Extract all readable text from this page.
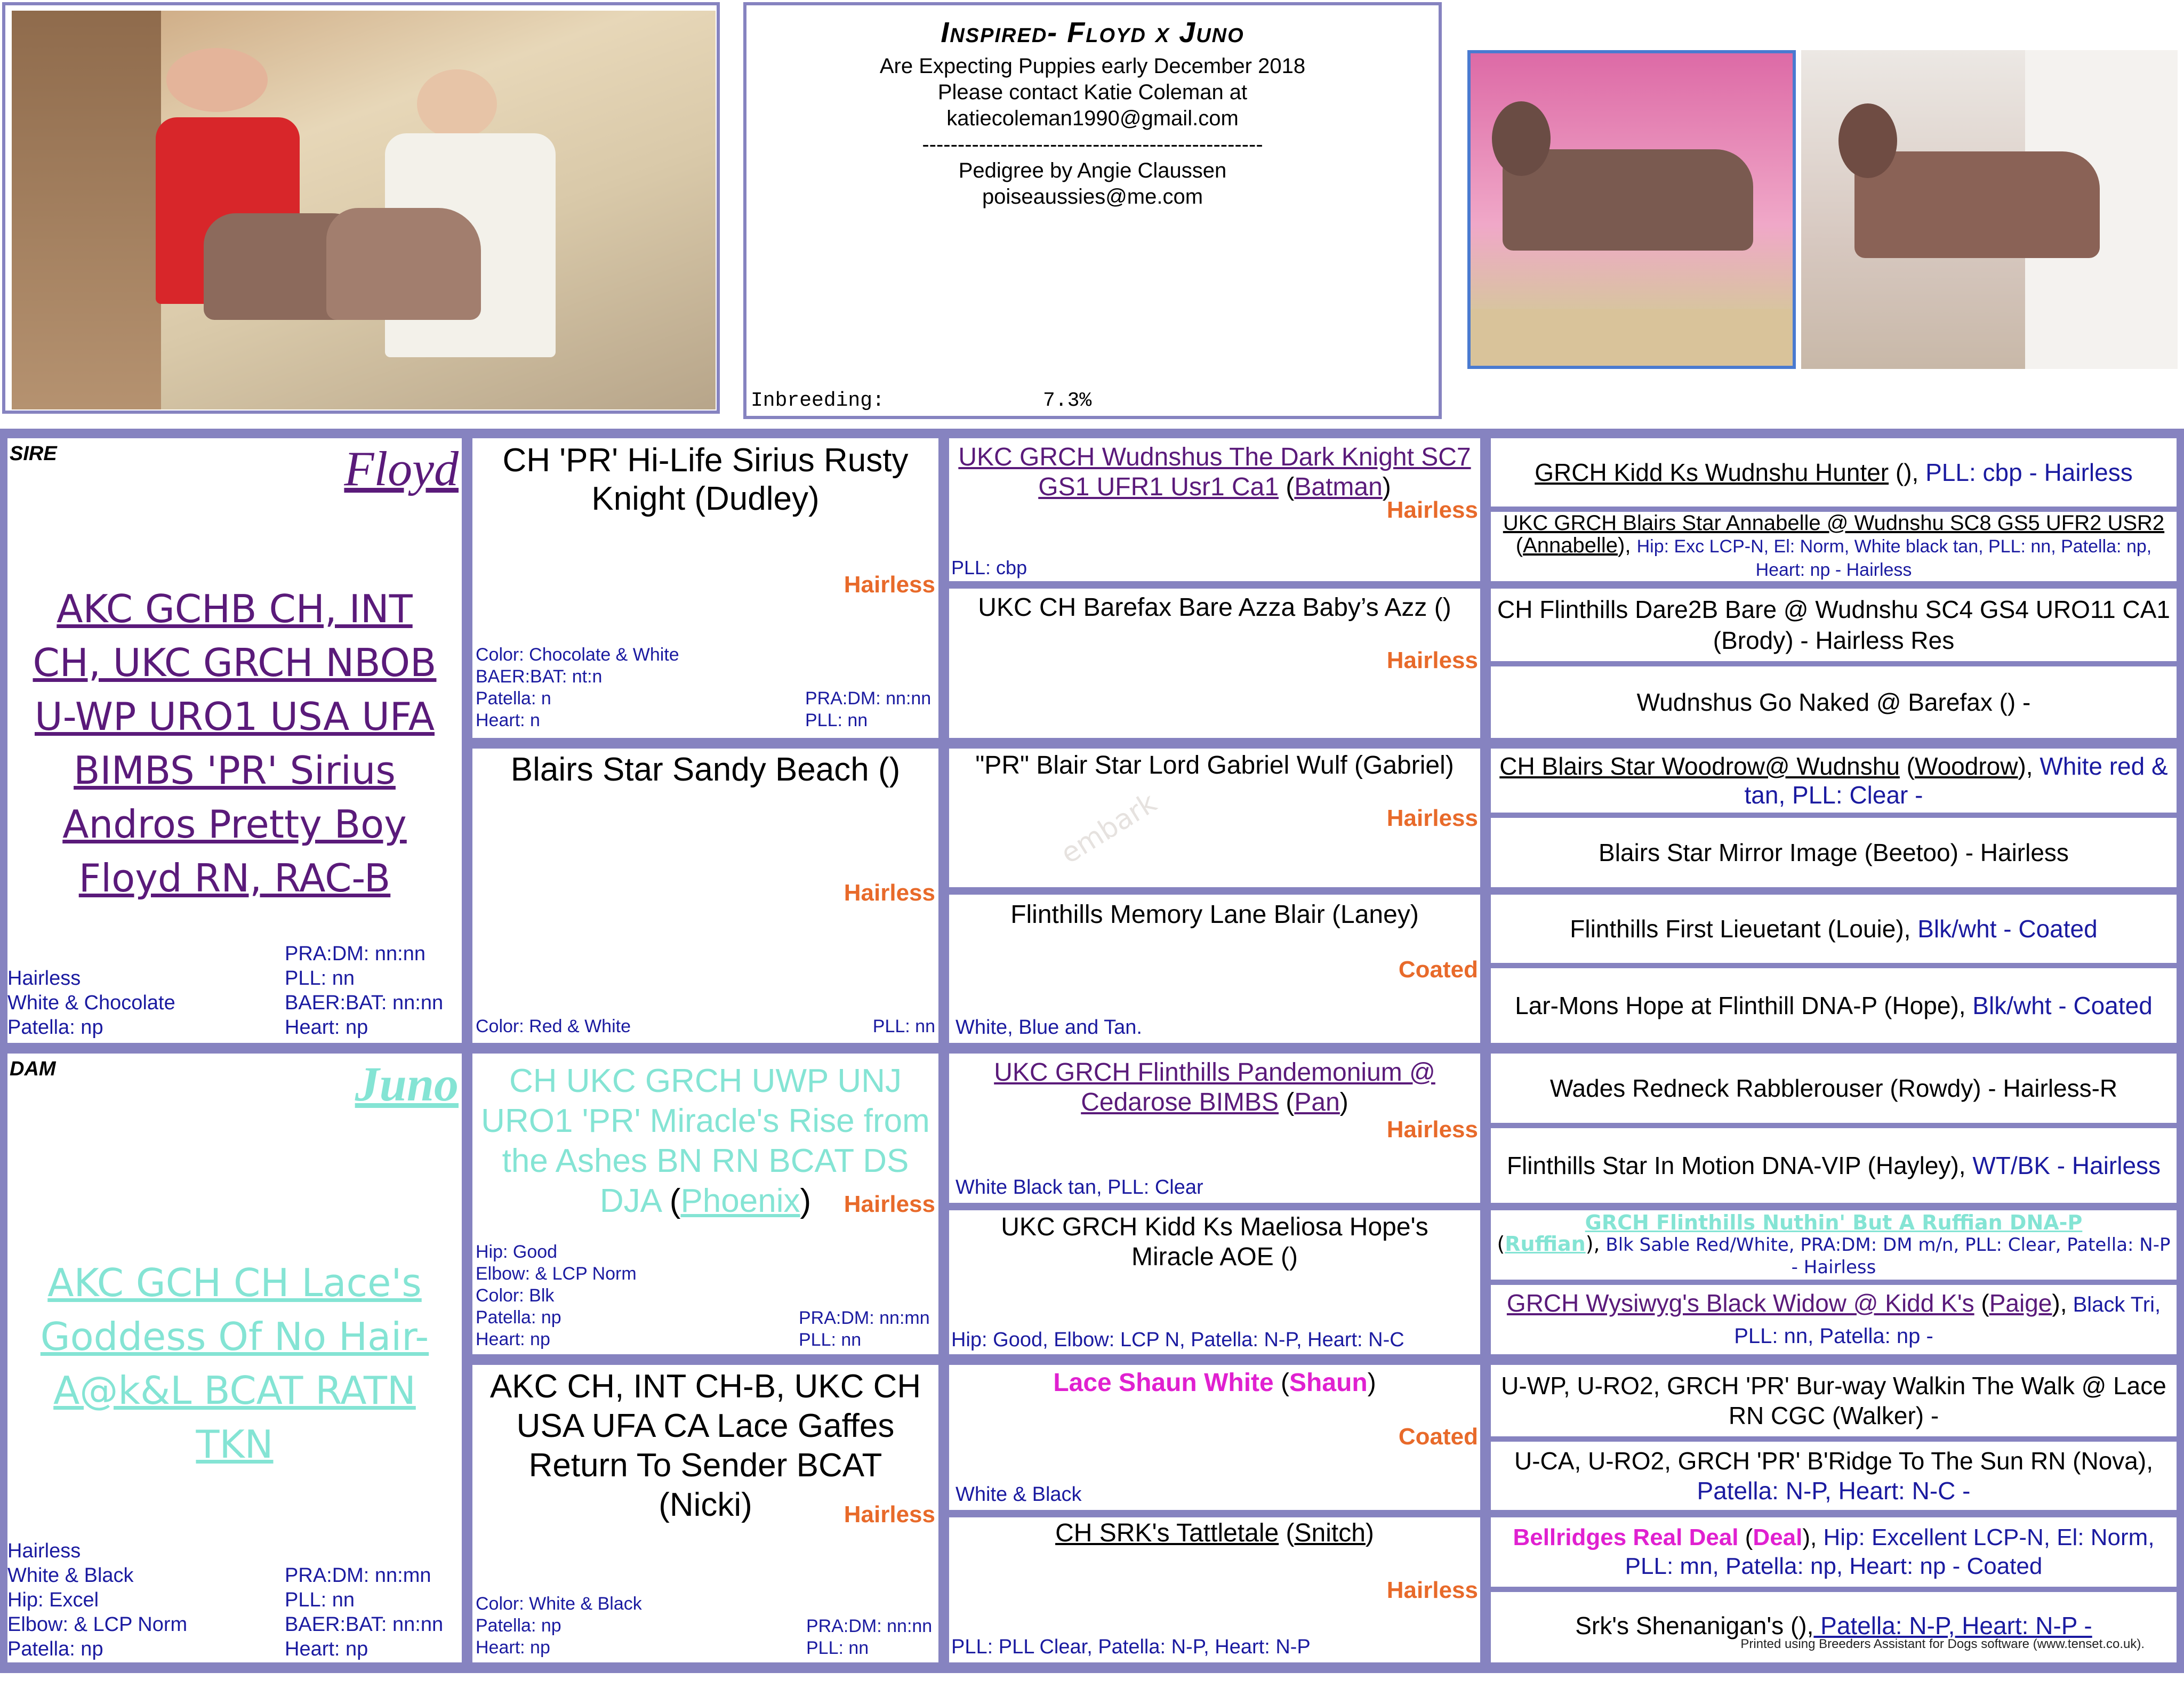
Inspired- Floyd x Juno
Are Expecting Puppies early December 2018
Please contact Katie Coleman at
katiecoleman1990@gmail.com
------------------------------------------------
Pedigree by Angie Claussen
poiseaussies@me.com
Inbreeding:	7.3%
SIRE	Floyd
AKC GCHB CH, INT CH, UKC GRCH NBOB U-WP URO1 USA UFA BIMBS 'PR' Sirius Andros Pretty Boy Floyd RN, RAC-B
Hairless
White & Chocolate
Patella: np
PRA:DM: nn:nn
PLL: nn
BAER:BAT: nn:nn
Heart: np
DAM	Juno
AKC GCH CH Lace's Goddess Of No Hair-A@k&L BCAT RATN TKN
Hairless
White & Black
Hip: Excel
Elbow: & LCP Norm
Patella: np
PRA:DM: nn:mn
PLL: nn
BAER:BAT: nn:nn
Heart: np
CH 'PR' Hi-Life Sirius Rusty Knight (Dudley)
Hairless
Color: Chocolate & White
BAER:BAT: nt:n
Patella: n
Heart: n
PRA:DM: nn:nn
PLL: nn
Blairs Star Sandy Beach ()
Hairless
Color: Red & White	PLL: nn
CH UKC GRCH UWP UNJ URO1 'PR' Miracle's Rise from the Ashes BN RN BCAT DS DJA (Phoenix)	Hairless
Hip: Good
Elbow: & LCP Norm
Color: Blk
Patella: np
Heart: np
PRA:DM: nn:mn
PLL: nn
AKC CH, INT CH-B, UKC CH USA UFA CA Lace Gaffes Return To Sender BCAT (Nicki)	Hairless
Color: White & Black
Patella: np
Heart: np
PRA:DM: nn:nn
PLL: nn
UKC GRCH Wudnshus The Dark Knight SC7 GS1 UFR1 Usr1 Ca1 (Batman)
Hairless
PLL: cbp
UKC CH Barefax Bare Azza Baby’s Azz ()
Hairless
"PR" Blair Star Lord Gabriel Wulf (Gabriel)
Hairless
embark
Flinthills Memory Lane Blair (Laney)
Coated
White, Blue and Tan.
UKC GRCH Flinthills Pandemonium @ Cedarose BIMBS (Pan)
Hairless
White Black tan, PLL: Clear
UKC GRCH Kidd Ks Maeliosa Hope's Miracle AOE ()
Hip: Good, Elbow: LCP N, Patella: N-P, Heart: N-C
Lace Shaun White (Shaun)
Coated
White & Black
CH SRK's Tattletale (Snitch)
Hairless
PLL: PLL Clear, Patella: N-P, Heart: N-P
GRCH Kidd Ks Wudnshu Hunter (), PLL: cbp - Hairless
UKC GRCH Blairs Star Annabelle @ Wudnshu SC8 GS5 UFR2 USR2 (Annabelle), Hip: Exc LCP-N, El: Norm, White black tan, PLL: nn, Patella: np, Heart: np - Hairless
CH Flinthills Dare2B Bare @ Wudnshu SC4 GS4 URO11 CA1 (Brody) - Hairless Res
Wudnshus Go Naked @ Barefax () -
CH Blairs Star Woodrow@ Wudnshu (Woodrow), White red & tan, PLL: Clear -
Blairs Star Mirror Image (Beetoo) - Hairless
Flinthills First Lieuetant (Louie), Blk/wht - Coated
Lar-Mons Hope at Flinthill DNA-P (Hope), Blk/wht - Coated
Wades Redneck Rabblerouser (Rowdy) - Hairless-R
Flinthills Star In Motion DNA-VIP (Hayley), WT/BK - Hairless
GRCH Flinthills Nuthin' But A Ruffian DNA-P
(Ruffian), Blk Sable Red/White, PRA:DM: DM m/n, PLL: Clear, Patella: N-P - Hairless
GRCH Wysiwyg's Black Widow @ Kidd K's (Paige), Black Tri, PLL: nn, Patella: np -
U-WP, U-RO2, GRCH 'PR' Bur-way Walkin The Walk @ Lace RN CGC (Walker) -
U-CA, U-RO2, GRCH 'PR' B'Ridge To The Sun RN (Nova), Patella: N-P, Heart: N-C -
Bellridges Real Deal (Deal), Hip: Excellent LCP-N, El: Norm, PLL: mn, Patella: np, Heart: np - Coated
Srk's Shenanigan's (), Patella: N-P, Heart: N-P -
Printed using Breeders Assistant for Dogs software (www.tenset.co.uk).
